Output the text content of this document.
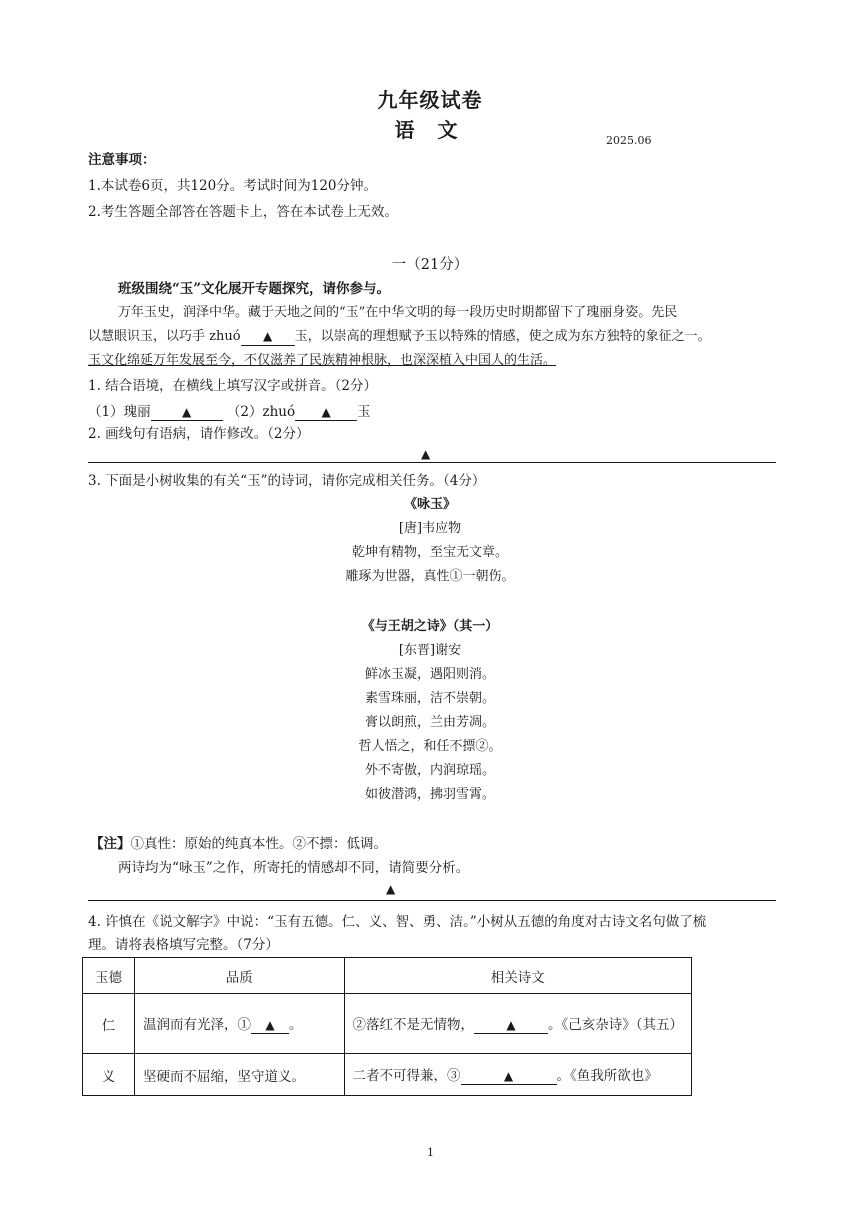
九年级试卷
语 文	2025.06
注意事项：
1.本试卷6页，共120分。考试时间为120分钟。
2.考生答题全部答在答题卡上，答在本试卷上无效。
一（21分）
班级围绕“玉”文化展开专题探究，请你参与。
万年玉史，润泽中华。藏于天地之间的“玉”在中华文明的每一段历史时期都留下了瑰丽身姿。先民
以慧眼识玉，以巧手 zhuó ▲ 玉，以崇高的理想赋予玉以特殊的情感，使之成为东方独特的象征之一。
玉文化绵延万年发展至今，不仅滋养了民族精神根脉，也深深植入中国人的生活。
1. 结合语境，在横线上填写汉字或拼音。（2分）
（1）瑰丽	▲	（2）zhuó ▲ 玉
2. 画线句有语病，请作修改。（2分）
▲
3. 下面是小树收集的有关“玉”的诗词，请你完成相关任务。（4分）
《咏玉》
[唐]韦应物
乾坤有精物，至宝无文章。
雕琢为世器，真性①一朝伤。
《与王胡之诗》（其一）
[东晋]谢安
鲜冰玉凝，遇阳则消。
素雪珠丽，洁不崇朝。
膏以朗煎，兰由芳凋。
哲人悟之，和任不摽②。
外不寄傲，内润琼瑶。
如彼潜鸿，拂羽雪霄。
【注】①真性：原始的纯真本性。②不摽：低调。
两诗均为“咏玉”之作，所寄托的情感却不同，请简要分析。
▲
4. 许慎在《说文解字》中说：“玉有五德。仁、义、智、勇、洁。”小树从五德的角度对古诗文名句做了梳
理。请将表格填写完整。（7分）
玉德	品质	相关诗文
仁	温润而有光泽，① ▲ 。	②落红不是无情物， ▲ 。《己亥杂诗》（其五）
义	坚硬而不屈缩，坚守道义。	二者不可得兼，③ ▲ 。《鱼我所欲也》
1
